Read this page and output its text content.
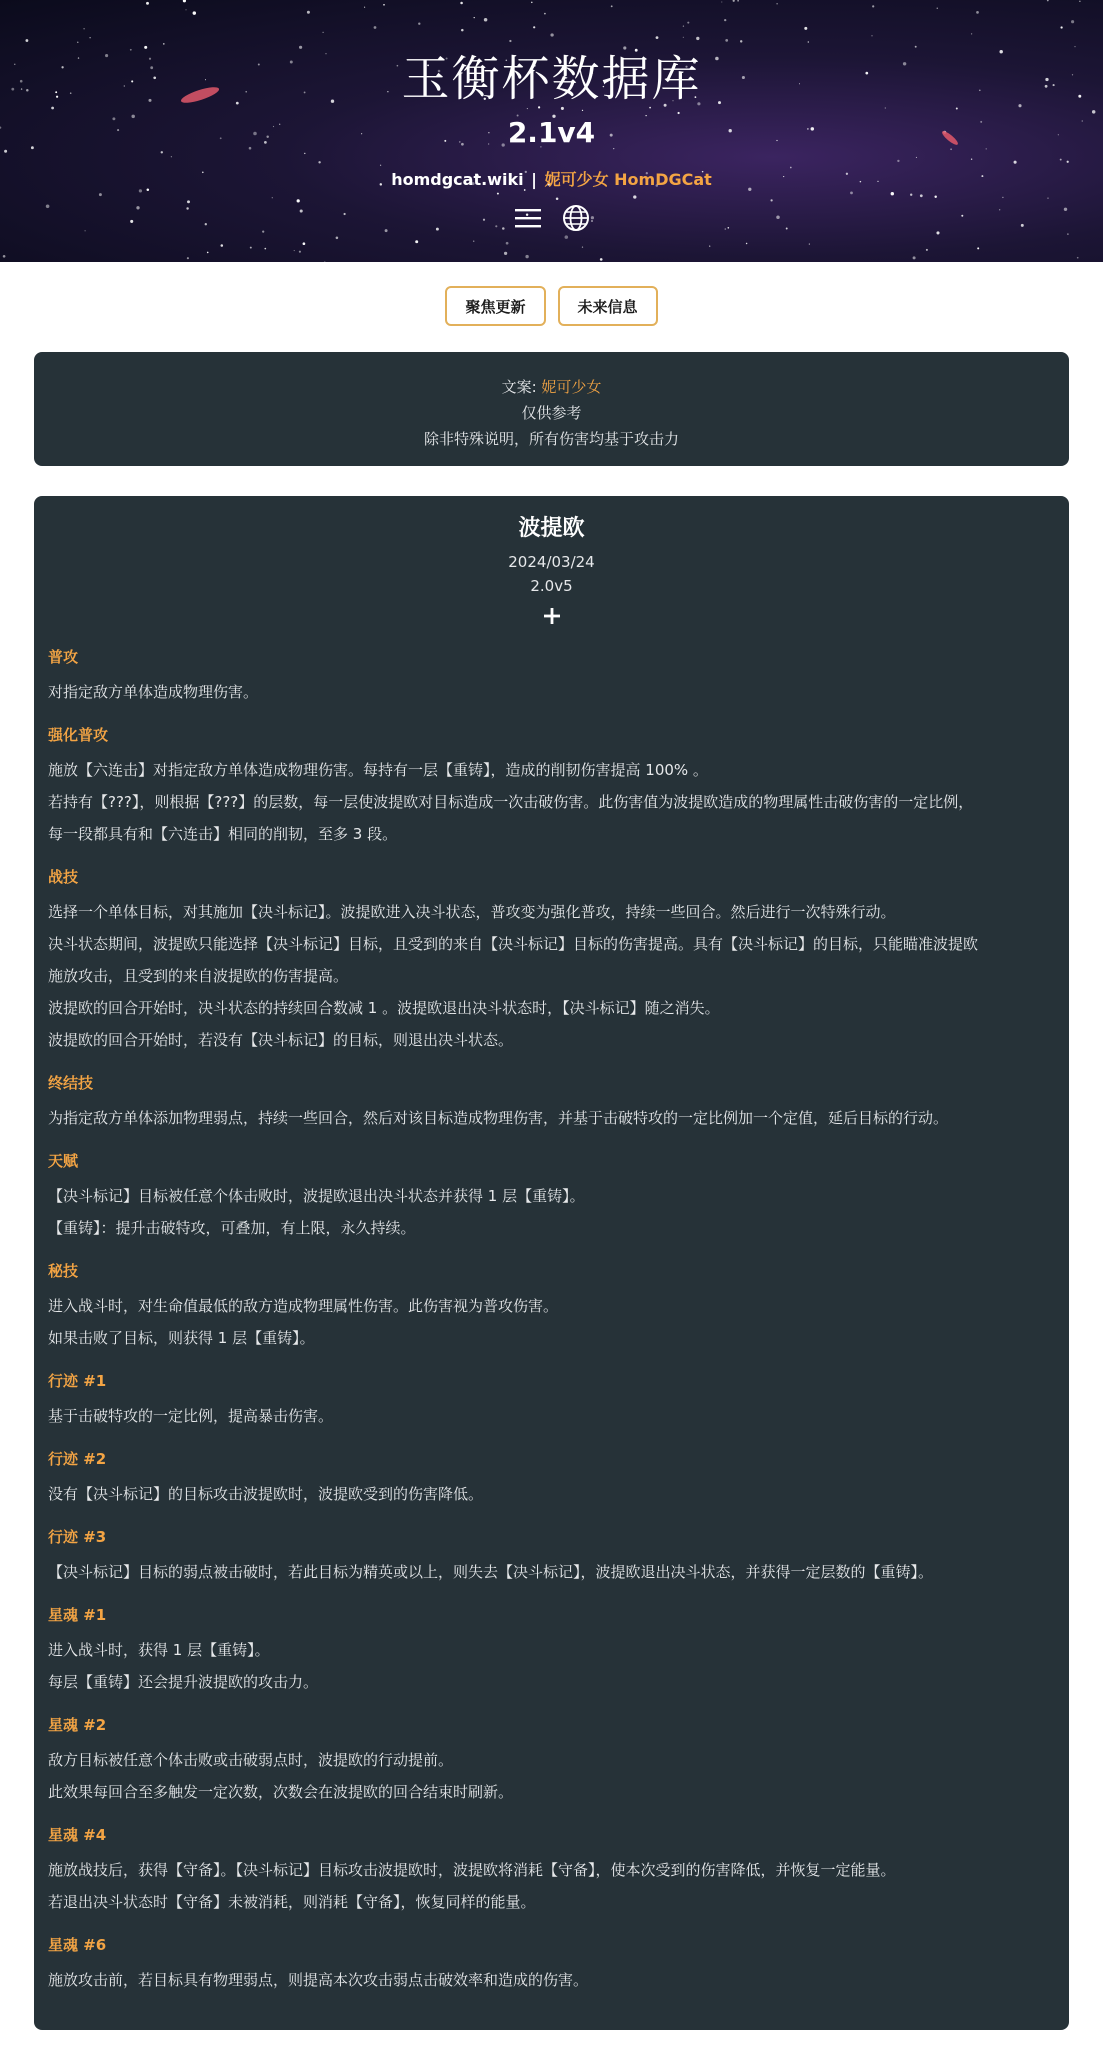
玉衡杯数据库
2.1v4
homdgcat.wiki | 妮可少女 HomDGCat
聚焦更新	未来信息
文案: 妮可少女
仅供参考
除非特殊说明，所有伤害均基于攻击力
波提欧
2024/03/24
2.0v5
普攻
对指定敌方单体造成物理伤害。
强化普攻
施放【六连击】对指定敌方单体造成物理伤害。每持有一层【重铸】，造成的削韧伤害提高 100% 。
若持有【???】，则根据【???】的层数，每一层使波提欧对目标造成一次击破伤害。此伤害值为波提欧造成的物理属性击破伤害的一定比例，
每一段都具有和【六连击】相同的削韧，至多 3 段。
战技
选择一个单体目标，对其施加【决斗标记】。波提欧进入决斗状态，普攻变为强化普攻，持续一些回合。然后进行一次特殊行动。
决斗状态期间，波提欧只能选择【决斗标记】目标，且受到的来自【决斗标记】目标的伤害提高。具有【决斗标记】的目标，只能瞄准波提欧
施放攻击，且受到的来自波提欧的伤害提高。
波提欧的回合开始时，决斗状态的持续回合数减 1 。波提欧退出决斗状态时，【决斗标记】随之消失。
波提欧的回合开始时，若没有【决斗标记】的目标，则退出决斗状态。
终结技
为指定敌方单体添加物理弱点，持续一些回合，然后对该目标造成物理伤害，并基于击破特攻的一定比例加一个定值，延后目标的行动。
天赋
【决斗标记】目标被任意个体击败时，波提欧退出决斗状态并获得 1 层【重铸】。
【重铸】：提升击破特攻，可叠加，有上限，永久持续。
秘技
进入战斗时，对生命值最低的敌方造成物理属性伤害。此伤害视为普攻伤害。
如果击败了目标，则获得 1 层【重铸】。
行迹 #1
基于击破特攻的一定比例，提高暴击伤害。
行迹 #2
没有【决斗标记】的目标攻击波提欧时，波提欧受到的伤害降低。
行迹 #3
【决斗标记】目标的弱点被击破时，若此目标为精英或以上，则失去【决斗标记】，波提欧退出决斗状态，并获得一定层数的【重铸】。
星魂 #1
进入战斗时，获得 1 层【重铸】。
每层【重铸】还会提升波提欧的攻击力。
星魂 #2
敌方目标被任意个体击败或击破弱点时，波提欧的行动提前。
此效果每回合至多触发一定次数，次数会在波提欧的回合结束时刷新。
星魂 #4
施放战技后，获得【守备】。【决斗标记】目标攻击波提欧时，波提欧将消耗【守备】，使本次受到的伤害降低，并恢复一定能量。
若退出决斗状态时【守备】未被消耗，则消耗【守备】，恢复同样的能量。
星魂 #6
施放攻击前，若目标具有物理弱点，则提高本次攻击弱点击破效率和造成的伤害。
